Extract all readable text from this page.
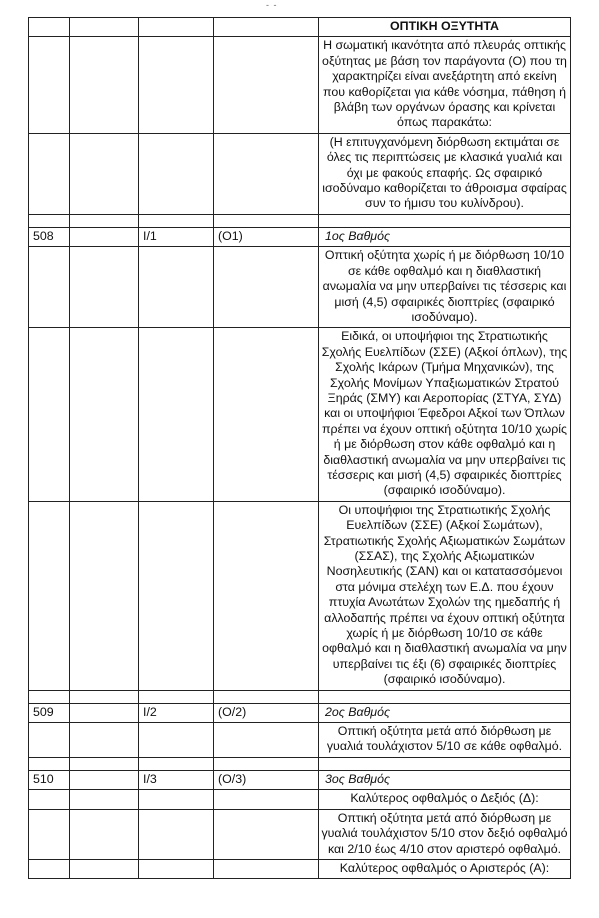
- -
				ΟΠΤΙΚΗ ΟΞΥΤΗΤΑ
				Η σωματική ικανότητα από πλευράς οπτικής οξύτητας με βάση τον παράγοντα (Ο) που τη χαρακτηρίζει είναι ανεξάρτητη από εκείνη που καθορίζεται για κάθε νόσημα, πάθηση ή βλάβη των οργάνων όρασης και κρίνεται όπως παρακάτω:
				(Η επιτυγχανόμενη διόρθωση εκτιμάται σε όλες τις περιπτώσεις με κλασικά γυαλιά και όχι με φακούς επαφής. Ως σφαιρικό ισοδύναμο καθορίζεται το άθροισμα σφαίρας συν το ήμισυ του κυλίνδρου).

508		Ι/1	(Ο1)	1ος Βαθμός
				Οπτική οξύτητα χωρίς ή με διόρθωση 10/10 σε κάθε οφθαλμό και η διαθλαστική ανωμαλία να μην υπερβαίνει τις τέσσερις και μισή (4,5) σφαιρικές διοπτρίες (σφαιρικό ισοδύναμο).
				Ειδικά, οι υποψήφιοι της Στρατιωτικής Σχολής Ευελπίδων (ΣΣΕ) (Αξκοί όπλων), της Σχολής Ικάρων (Τμήμα Μηχανικών), της Σχολής Μονίμων Υπαξιωματικών Στρατού Ξηράς (ΣΜΥ) και Αεροπορίας (ΣΤΥΑ, ΣΥΔ) και οι υποψήφιοι Έφεδροι Αξκοί των Όπλων πρέπει να έχουν οπτική οξύτητα 10/10 χωρίς ή με διόρθωση στον κάθε οφθαλμό και η διαθλαστική ανωμαλία να μην υπερβαίνει τις τέσσερις και μισή (4,5) σφαιρικές διοπτρίες (σφαιρικό ισοδύναμο).
				Οι υποψήφιοι της Στρατιωτικής Σχολής Ευελπίδων (ΣΣΕ) (Αξκοί Σωμάτων), Στρατιωτικής Σχολής Αξιωματικών Σωμάτων (ΣΣΑΣ), της Σχολής Αξιωματικών Νοσηλευτικής (ΣΑΝ) και οι κατατασσόμενοι στα μόνιμα στελέχη των Ε.Δ. που έχουν πτυχία Ανωτάτων Σχολών της ημεδαπής ή αλλοδαπής πρέπει να έχουν οπτική οξύτητα χωρίς ή με διόρθωση 10/10 σε κάθε οφθαλμό και η διαθλαστική ανωμαλία να μην υπερβαίνει τις έξι (6) σφαιρικές διοπτρίες (σφαιρικό ισοδύναμο).

509		Ι/2	(Ο/2)	2ος Βαθμός
				Οπτική οξύτητα μετά από διόρθωση με γυαλιά τουλάχιστον 5/10 σε κάθε οφθαλμό.

510		Ι/3	(Ο/3)	3ος Βαθμός
				Καλύτερος οφθαλμός ο Δεξιός (Δ):
				Οπτική οξύτητα μετά από διόρθωση με γυαλιά τουλάχιστον 5/10 στον δεξιό οφθαλμό και 2/10 έως 4/10 στον αριστερό οφθαλμό.
				Καλύτερος οφθαλμός ο Αριστερός (Α):
